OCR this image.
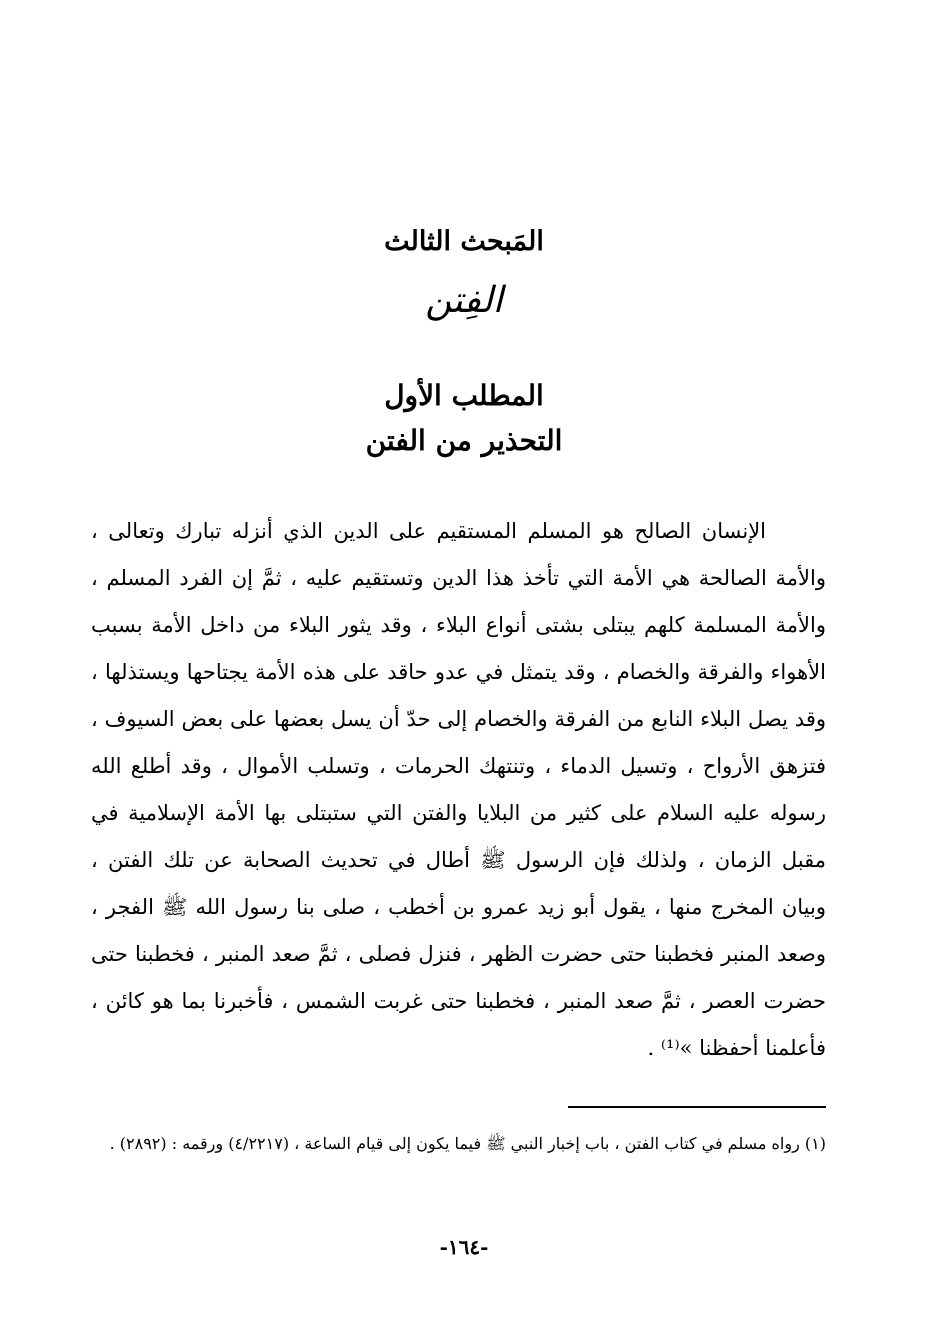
المَبحث الثالث
الفِتن
المطلب الأول
التحذير من الفتن

الإنسان الصالح هو المسلم المستقيم على الدين الذي أنزله تبارك وتعالى ، والأمة الصالحة هي الأمة التي تأخذ هذا الدين وتستقيم عليه ، ثمَّ إن الفرد المسلم ، والأمة المسلمة كلهم يبتلى بشتى أنواع البلاء ، وقد يثور البلاء من داخل الأمة بسبب الأهواء والفرقة والخصام ، وقد يتمثل في عدو حاقد على هذه الأمة يجتاحها ويستذلها ، وقد يصل البلاء النابع من الفرقة والخصام إلى حدّ أن يسل بعضها على بعض السيوف ، فتزهق الأرواح ، وتسيل الدماء ، وتنتهك الحرمات ، وتسلب الأموال ، وقد أطلع الله رسوله عليه السلام على كثير من البلايا والفتن التي ستبتلى بها الأمة الإسلامية في مقبل الزمان ، ولذلك فإن الرسول ﷺ أطال في تحديث الصحابة عن تلك الفتن ، وبيان المخرج منها ، يقول أبو زيد عمرو بن أخطب ، صلى بنا رسول الله ﷺ الفجر ، وصعد المنبر فخطبنا حتى حضرت الظهر ، فنزل فصلى ، ثمَّ صعد المنبر ، فخطبنا حتى حضرت العصر ، ثمَّ صعد المنبر ، فخطبنا حتى غربت الشمس ، فأخبرنا بما هو كائن ، فأعلمنا أحفظنا »⁽¹⁾ .

(١) رواه مسلم في كتاب الفتن ، باب إخبار النبي ﷺ فيما يكون إلى قيام الساعة ، (٤/٢٢١٧) ورقمه : (٢٨٩٢) .

-١٦٤-
